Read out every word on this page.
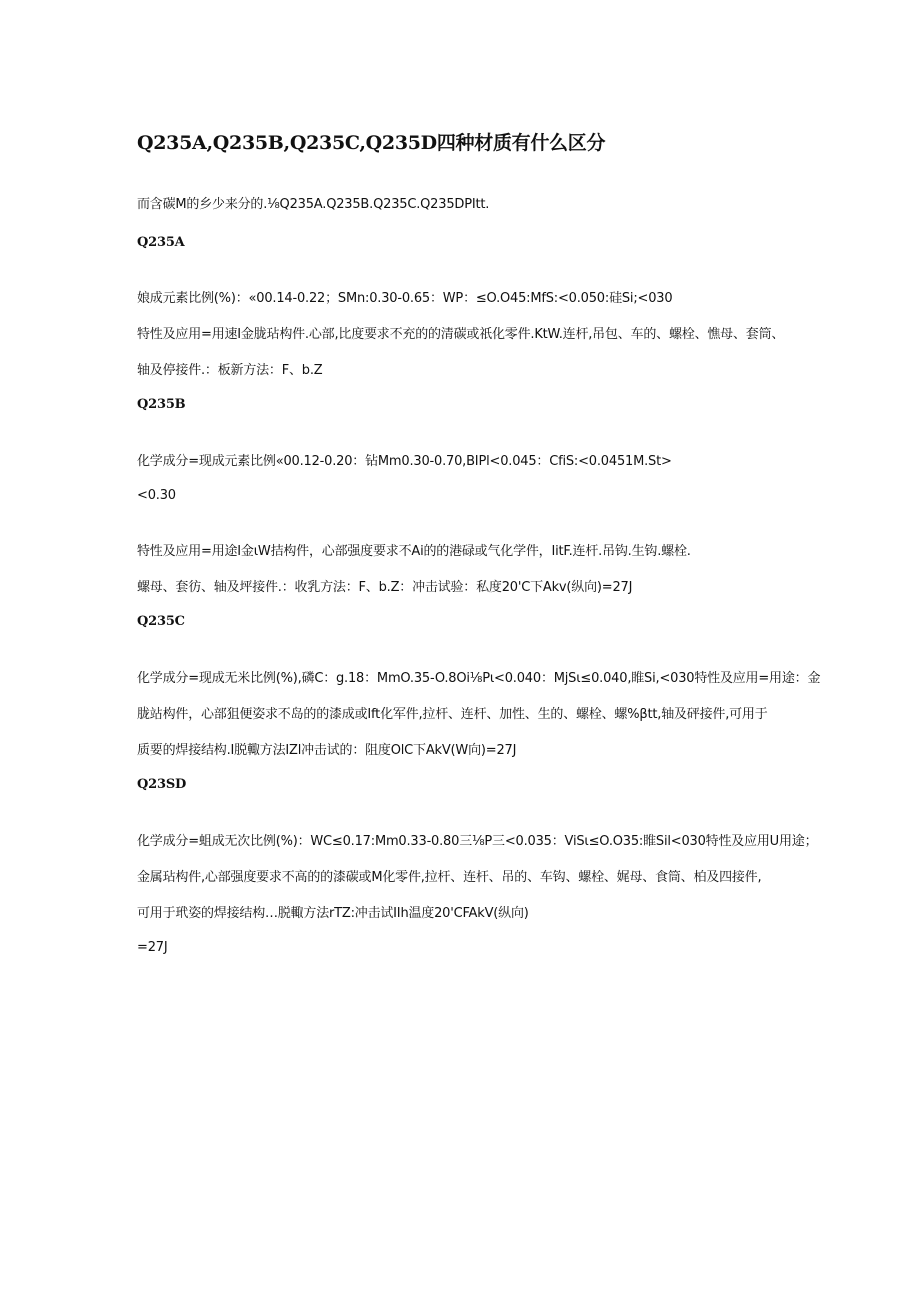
Q235A,Q235B,Q235C,Q235D四种材质有什么区分
而含碳M的乡少来分的.⅛Q235A.Q235B.Q235C.Q235DPItt.
Q235A
娘成元素比例(%)：«00.14-0.22；SMn:0.30-0.65：WP：≤O.O45:MfS:<0.050:硅Si;<030
特性及应用=用速I金胧玷构件.心部,比度要求不充的的清碳或祇化零件.KtW.连杆,吊包、车的、螺栓、憔母、套筒、
轴及停接件.：板新方法：F、b.Z
Q235B
化学成分=现成元素比例«00.12-0.20：钻Mm0.30-0.70,BIPl<0.045：CfiS:<0.0451M.St>
<0.30
特性及应用=用途I金ιW拮构件，心部强度要求不Ai的的港碌或气化学件，IitF.连杆.吊钩.生钩.螺栓.
螺母、套彷、轴及坪接件.：收乳方法：F、b.Z：冲击试验：私度20'C下Akv(纵向)=27J
Q235C
化学成分=现成无米比例(%),磷C：g.18：MmO.35-O.8Oi⅛Pι<0.040：MjSι≤0.040,睢Si,<030特性及应用=用途：金
胧站构件，心部狙便姿求不岛的的漆成或Ift化军件,拉杆、连杆、加性、生的、螺栓、螺%βtt,轴及砰接件,可用于
质要的焊接结构.I脱輙方法IZl冲击试的：阻度OlC下AkV(W向)=27J
Q23SD
化学成分=蛆成无次比例(%)：WC≤0.17:Mm0.33-0.80三⅛P三<0.035：ViSι≤O.O35:睢Sil<030特性及应用U用途；
金属玷构件,心部强度要求不高的的漆碳或M化零件,拉杆、连杆、吊的、车钩、螺栓、娓母、食筒、柏及四接件,
可用于玳姿的焊接结构…脱輙方法rTZ:冲击试IIh温度20'CFAkV(纵向)
=27J
